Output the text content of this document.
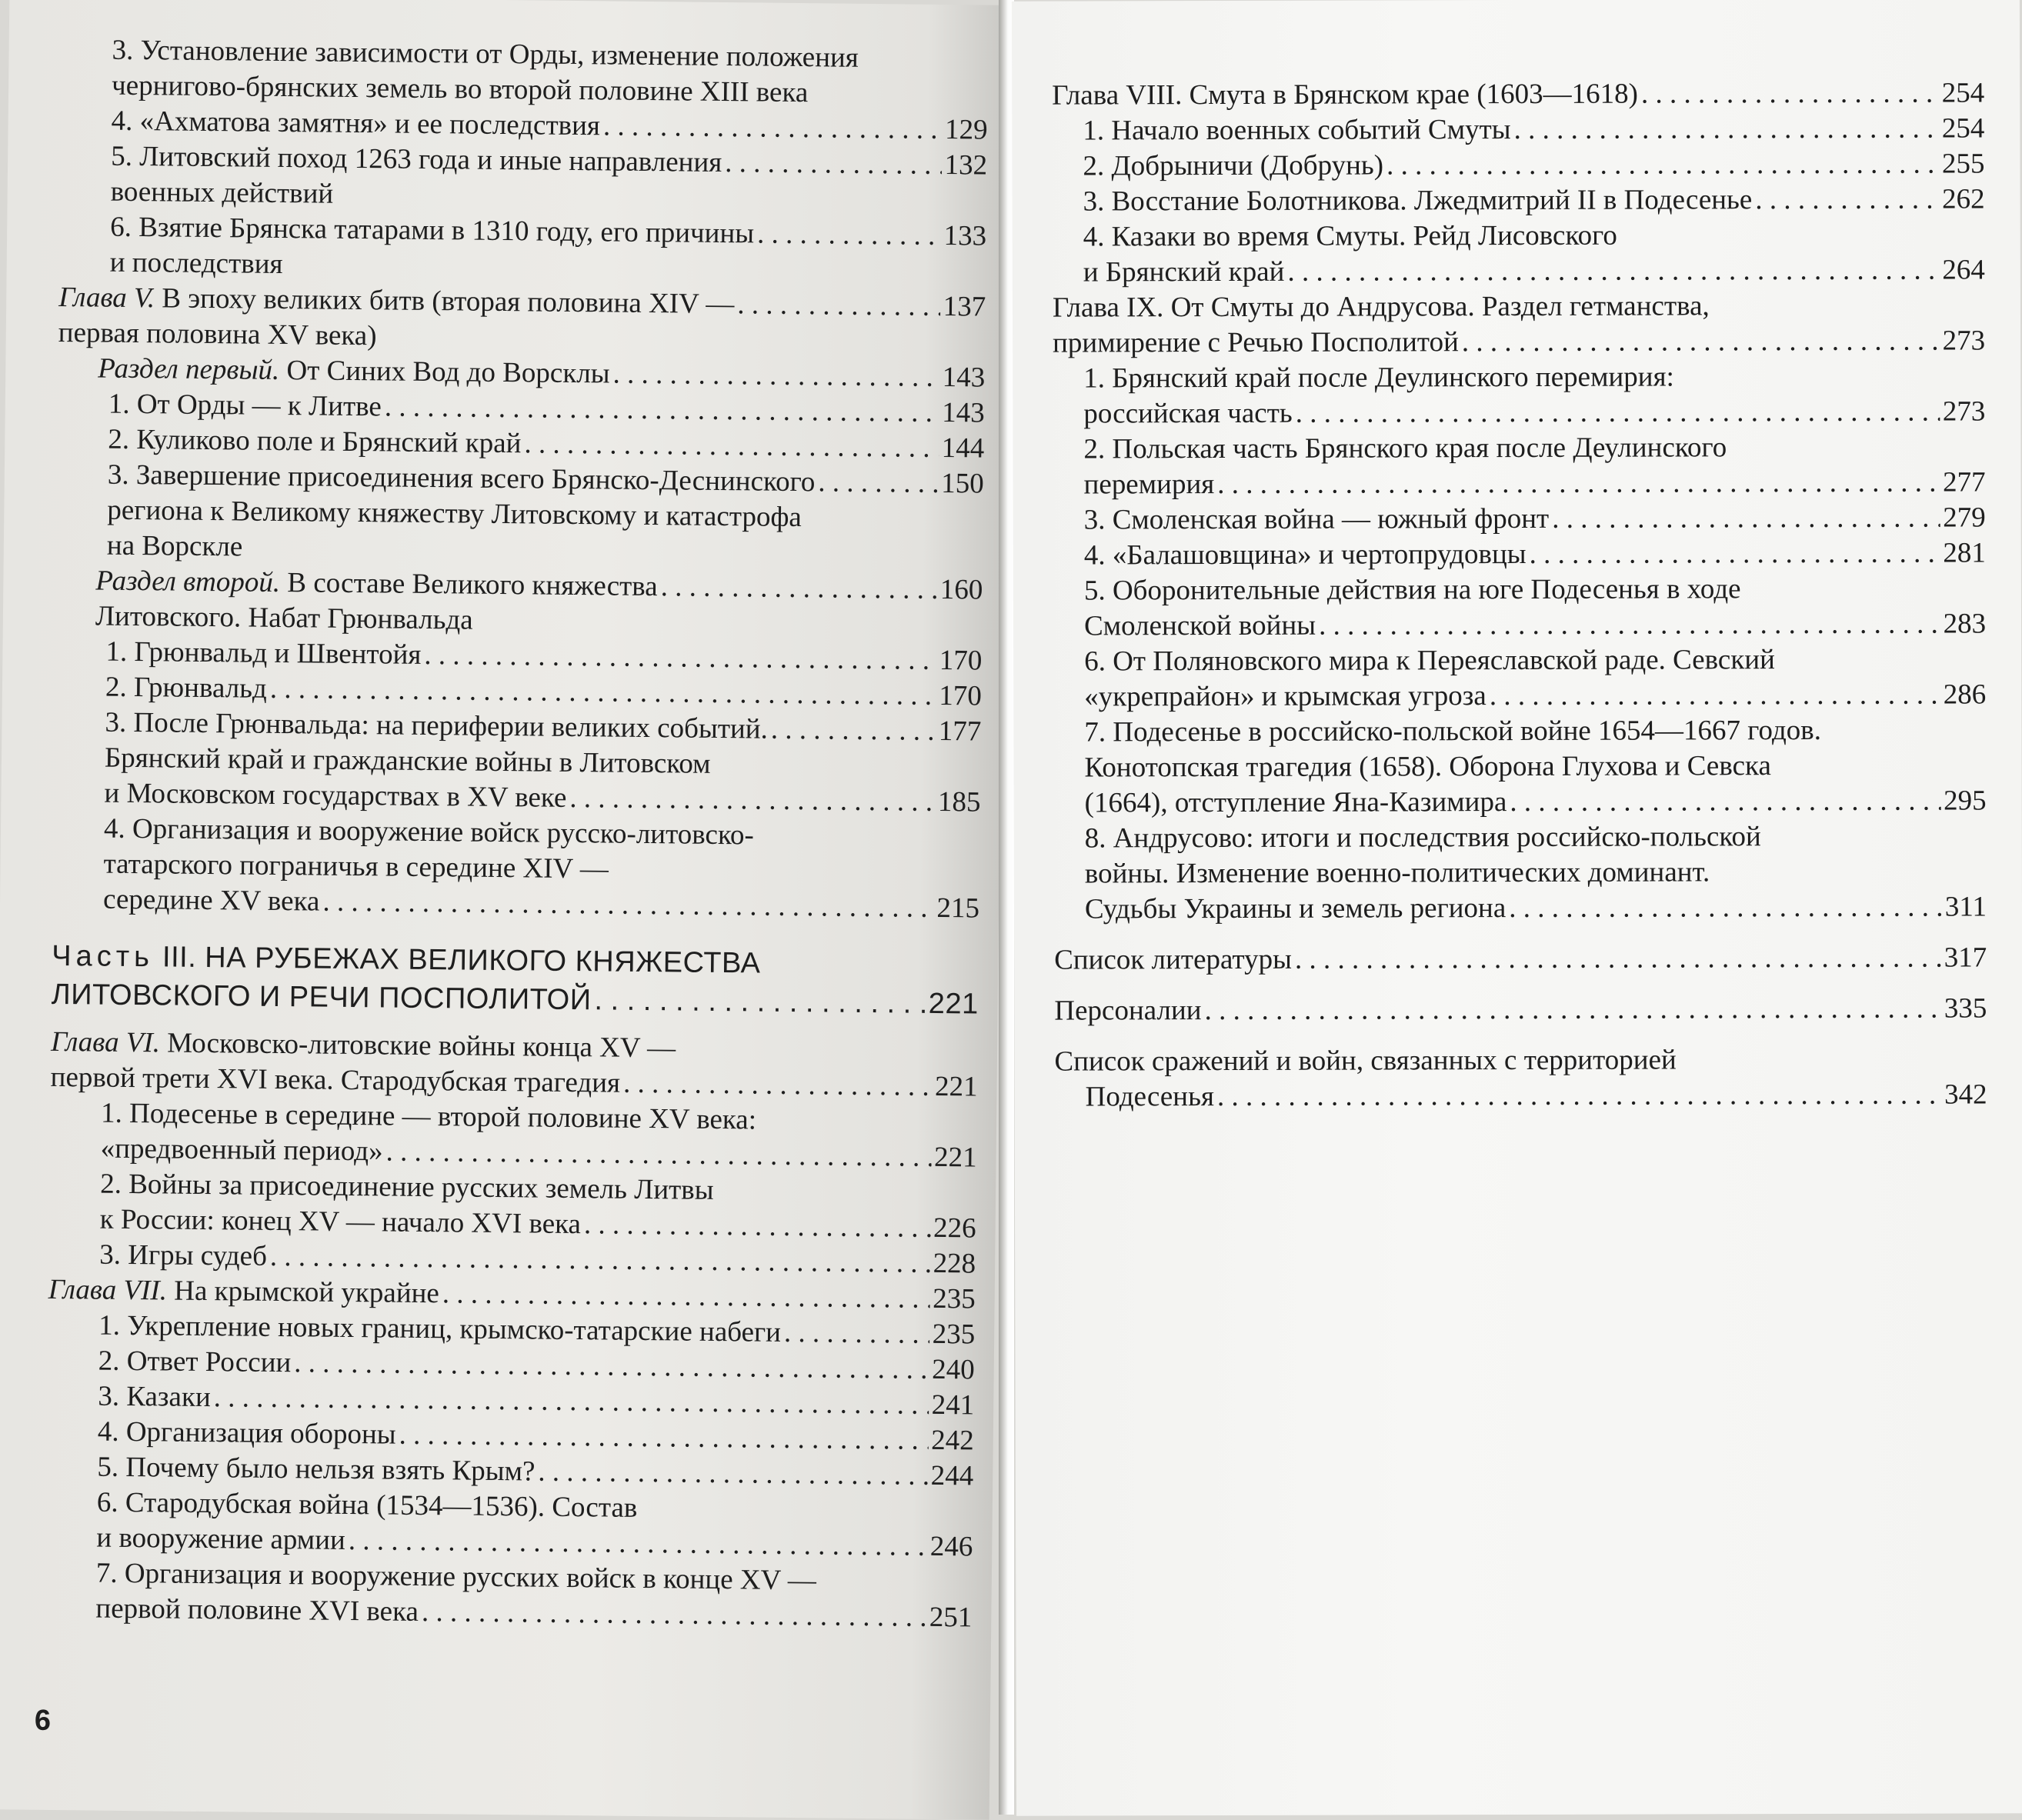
3. Установление зависимости от Орды, изменение положения
чернигово-брянских земель во второй половине XIII века
4. «Ахматова замятня» и ее последствия . . .	129
5. Литовский поход 1263 года и иные направления . . .	132
военных действий
6. Взятие Брянска татарами в 1310 году, его причины . . .	133
и последствия
Глава V. В эпоху великих битв (вторая половина XIV — . . .	137
первая половина XV века)
Раздел первый. От Синих Вод до Ворсклы . . .	143
1. От Орды — к Литве . . .	143
2. Куликово поле и Брянский край . . .	144
3. Завершение присоединения всего Брянско-Деснинского . . .	150
региона к Великому княжеству Литовскому и катастрофа
на Ворскле
Раздел второй. В составе Великого княжества . . .	160
Литовского. Набат Грюнвальда
1. Грюнвальд и Швентойя . . .	170
2. Грюнвальд . . .	170
3. После Грюнвальда: на периферии великих событий. . . .	177
Брянский край и гражданские войны в Литовском
и Московском государствах в XV веке . . .	185
4. Организация и вооружение войск русско-литовско-
татарского пограничья в середине XIV —
середине XV века . . .	215
Часть III. НА РУБЕЖАХ ВЕЛИКОГО КНЯЖЕСТВА
ЛИТОВСКОГО И РЕЧИ ПОСПОЛИТОЙ . . .	221
Глава VI. Московско-литовские войны конца XV —
первой трети XVI века. Стародубская трагедия . . .	221
1. Подесенье в середине — второй половине XV века:
«предвоенный период» . . .	221
2. Войны за присоединение русских земель Литвы
к России: конец XV — начало XVI века . . .	226
3. Игры судеб . . .	228
Глава VII. На крымской украйне . . .	235
1. Укрепление новых границ, крымско-татарские набеги . . .	235
2. Ответ России . . .	240
3. Казаки . . .	241
4. Организация обороны . . .	242
5. Почему было нельзя взять Крым? . . .	244
6. Стародубская война (1534—1536). Состав
и вооружение армии . . .	246
7. Организация и вооружение русских войск в конце XV —
первой половине XVI века . . .	251
6
Глава VIII. Смута в Брянском крае (1603—1618) . . .	254
1. Начало военных событий Смуты . . .	254
2. Добрыничи (Добрунь) . . .	255
3. Восстание Болотникова. Лжедмитрий II в Подесенье . . .	262
4. Казаки во время Смуты. Рейд Лисовского
и Брянский край . . .	264
Глава IX. От Смуты до Андрусова. Раздел гетманства,
примирение с Речью Посполитой . . .	273
1. Брянский край после Деулинского перемирия:
российская часть . . .	273
2. Польская часть Брянского края после Деулинского
перемирия . . .	277
3. Смоленская война — южный фронт . . .	279
4. «Балашовщина» и чертопрудовцы . . .	281
5. Оборонительные действия на юге Подесенья в ходе
Смоленской войны . . .	283
6. От Поляновского мира к Переяславской раде. Севский
«укрепрайон» и крымская угроза . . .	286
7. Подесенье в российско-польской войне 1654—1667 годов.
Конотопская трагедия (1658). Оборона Глухова и Севска
(1664), отступление Яна-Казимира . . .	295
8. Андрусово: итоги и последствия российско-польской
войны. Изменение военно-политических доминант.
Судьбы Украины и земель региона . . .	311
Список литературы . . .	317
Персоналии . . .	335
Список сражений и войн, связанных с территорией
Подесенья . . .	342
